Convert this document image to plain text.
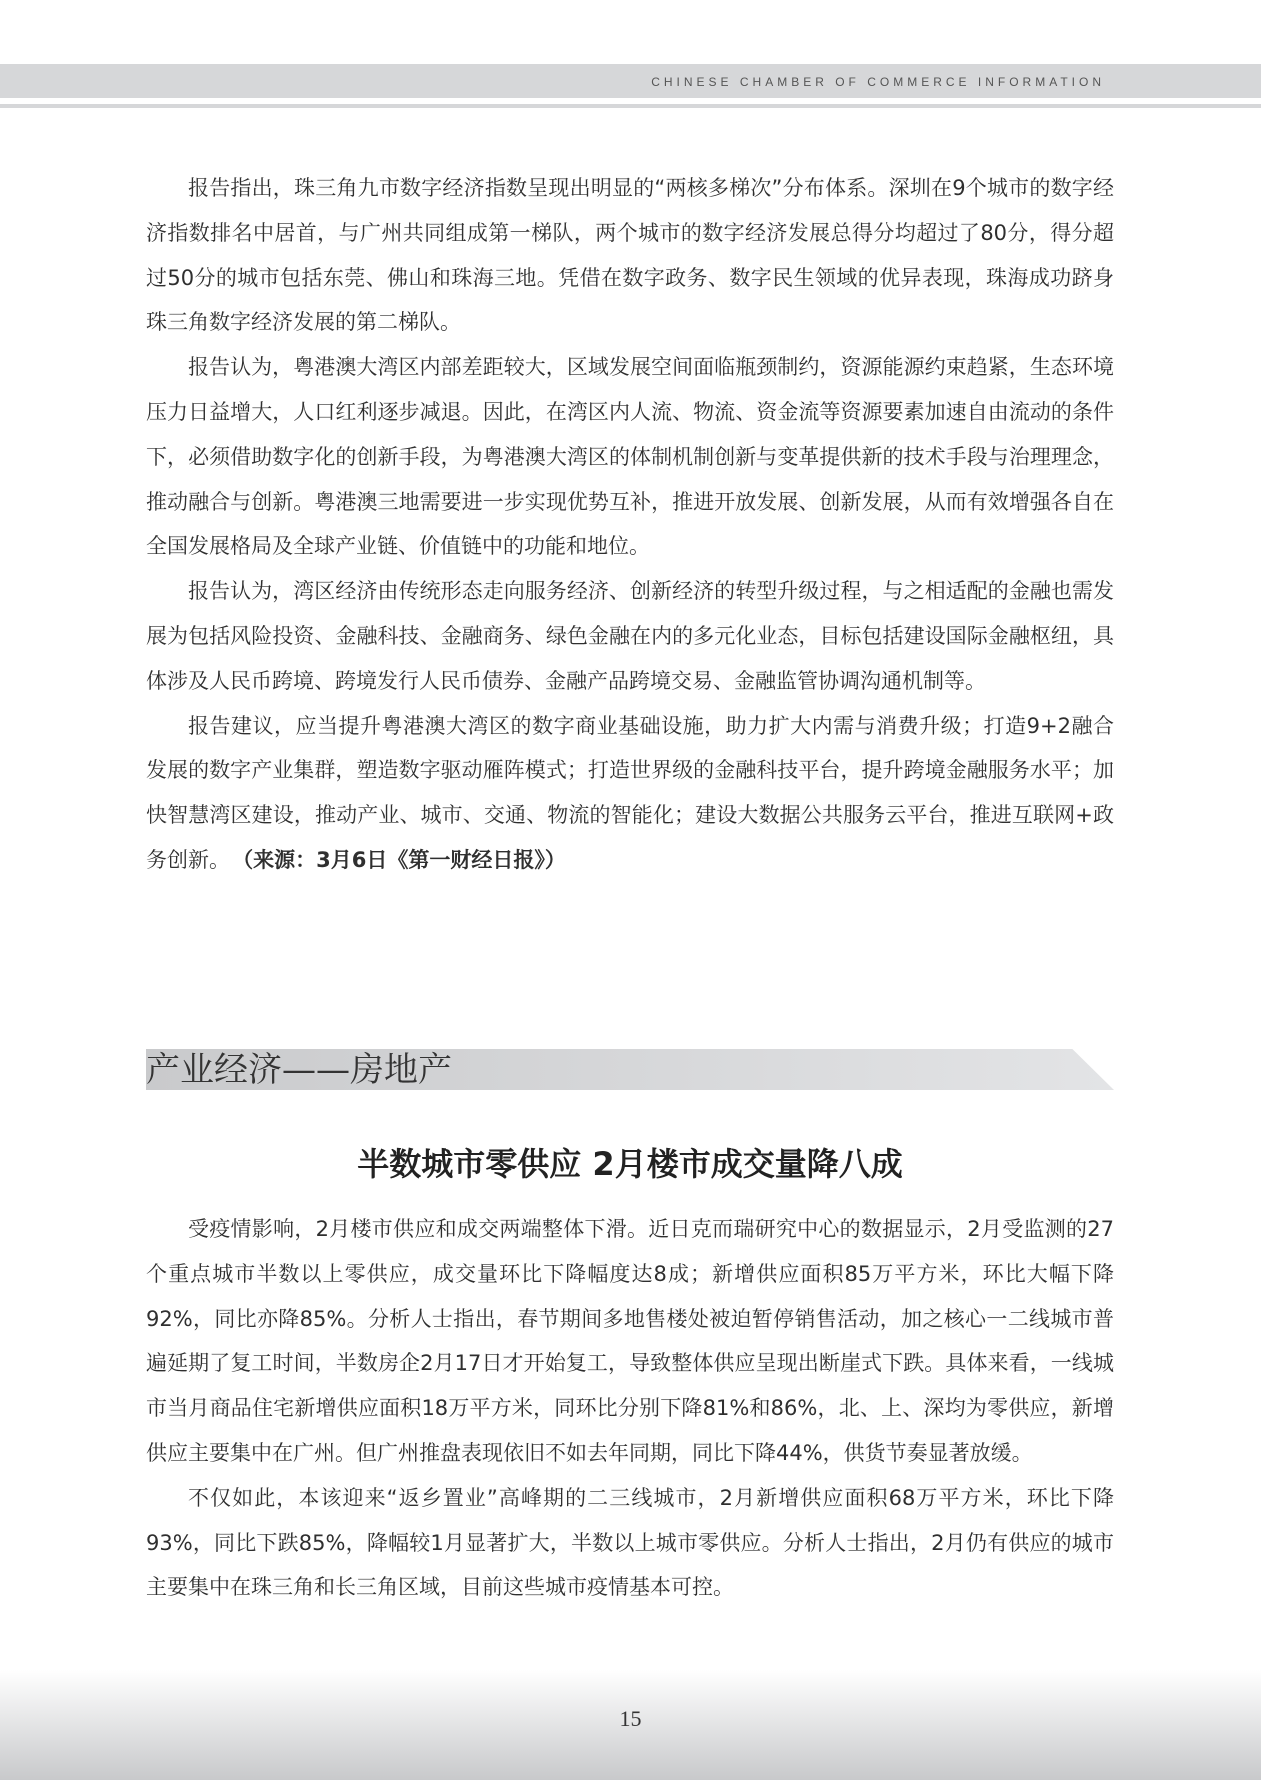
CHINESE CHAMBER OF COMMERCE INFORMATION

报告指出，珠三角九市数字经济指数呈现出明显的“两核多梯次”分布体系。深圳在9个城市的数字经济指数排名中居首，与广州共同组成第一梯队，两个城市的数字经济发展总得分均超过了80分，得分超过50分的城市包括东莞、佛山和珠海三地。凭借在数字政务、数字民生领域的优异表现，珠海成功跻身珠三角数字经济发展的第二梯队。

报告认为，粤港澳大湾区内部差距较大，区域发展空间面临瓶颈制约，资源能源约束趋紧，生态环境压力日益增大，人口红利逐步减退。因此，在湾区内人流、物流、资金流等资源要素加速自由流动的条件下，必须借助数字化的创新手段，为粤港澳大湾区的体制机制创新与变革提供新的技术手段与治理理念，推动融合与创新。粤港澳三地需要进一步实现优势互补，推进开放发展、创新发展，从而有效增强各自在全国发展格局及全球产业链、价值链中的功能和地位。

报告认为，湾区经济由传统形态走向服务经济、创新经济的转型升级过程，与之相适配的金融也需发展为包括风险投资、金融科技、金融商务、绿色金融在内的多元化业态，目标包括建设国际金融枢纽，具体涉及人民币跨境、跨境发行人民币债券、金融产品跨境交易、金融监管协调沟通机制等。

报告建议，应当提升粤港澳大湾区的数字商业基础设施，助力扩大内需与消费升级；打造9+2融合发展的数字产业集群，塑造数字驱动雁阵模式；打造世界级的金融科技平台，提升跨境金融服务水平；加快智慧湾区建设，推动产业、城市、交通、物流的智能化；建设大数据公共服务云平台，推进互联网+政务创新。 （来源：3月6日《第一财经日报》）

产业经济——房地产
半数城市零供应 2月楼市成交量降八成

受疫情影响，2月楼市供应和成交两端整体下滑。近日克而瑞研究中心的数据显示，2月受监测的27个重点城市半数以上零供应，成交量环比下降幅度达8成；新增供应面积85万平方米，环比大幅下降92%，同比亦降85%。分析人士指出，春节期间多地售楼处被迫暂停销售活动，加之核心一二线城市普遍延期了复工时间，半数房企2月17日才开始复工，导致整体供应呈现出断崖式下跌。具体来看，一线城市当月商品住宅新增供应面积18万平方米，同环比分别下降81%和86%，北、上、深均为零供应，新增供应主要集中在广州。但广州推盘表现依旧不如去年同期，同比下降44%，供货节奏显著放缓。

不仅如此，本该迎来“返乡置业”高峰期的二三线城市，2月新增供应面积68万平方米，环比下降93%，同比下跌85%，降幅较1月显著扩大，半数以上城市零供应。分析人士指出，2月仍有供应的城市主要集中在珠三角和长三角区域，目前这些城市疫情基本可控。

15
